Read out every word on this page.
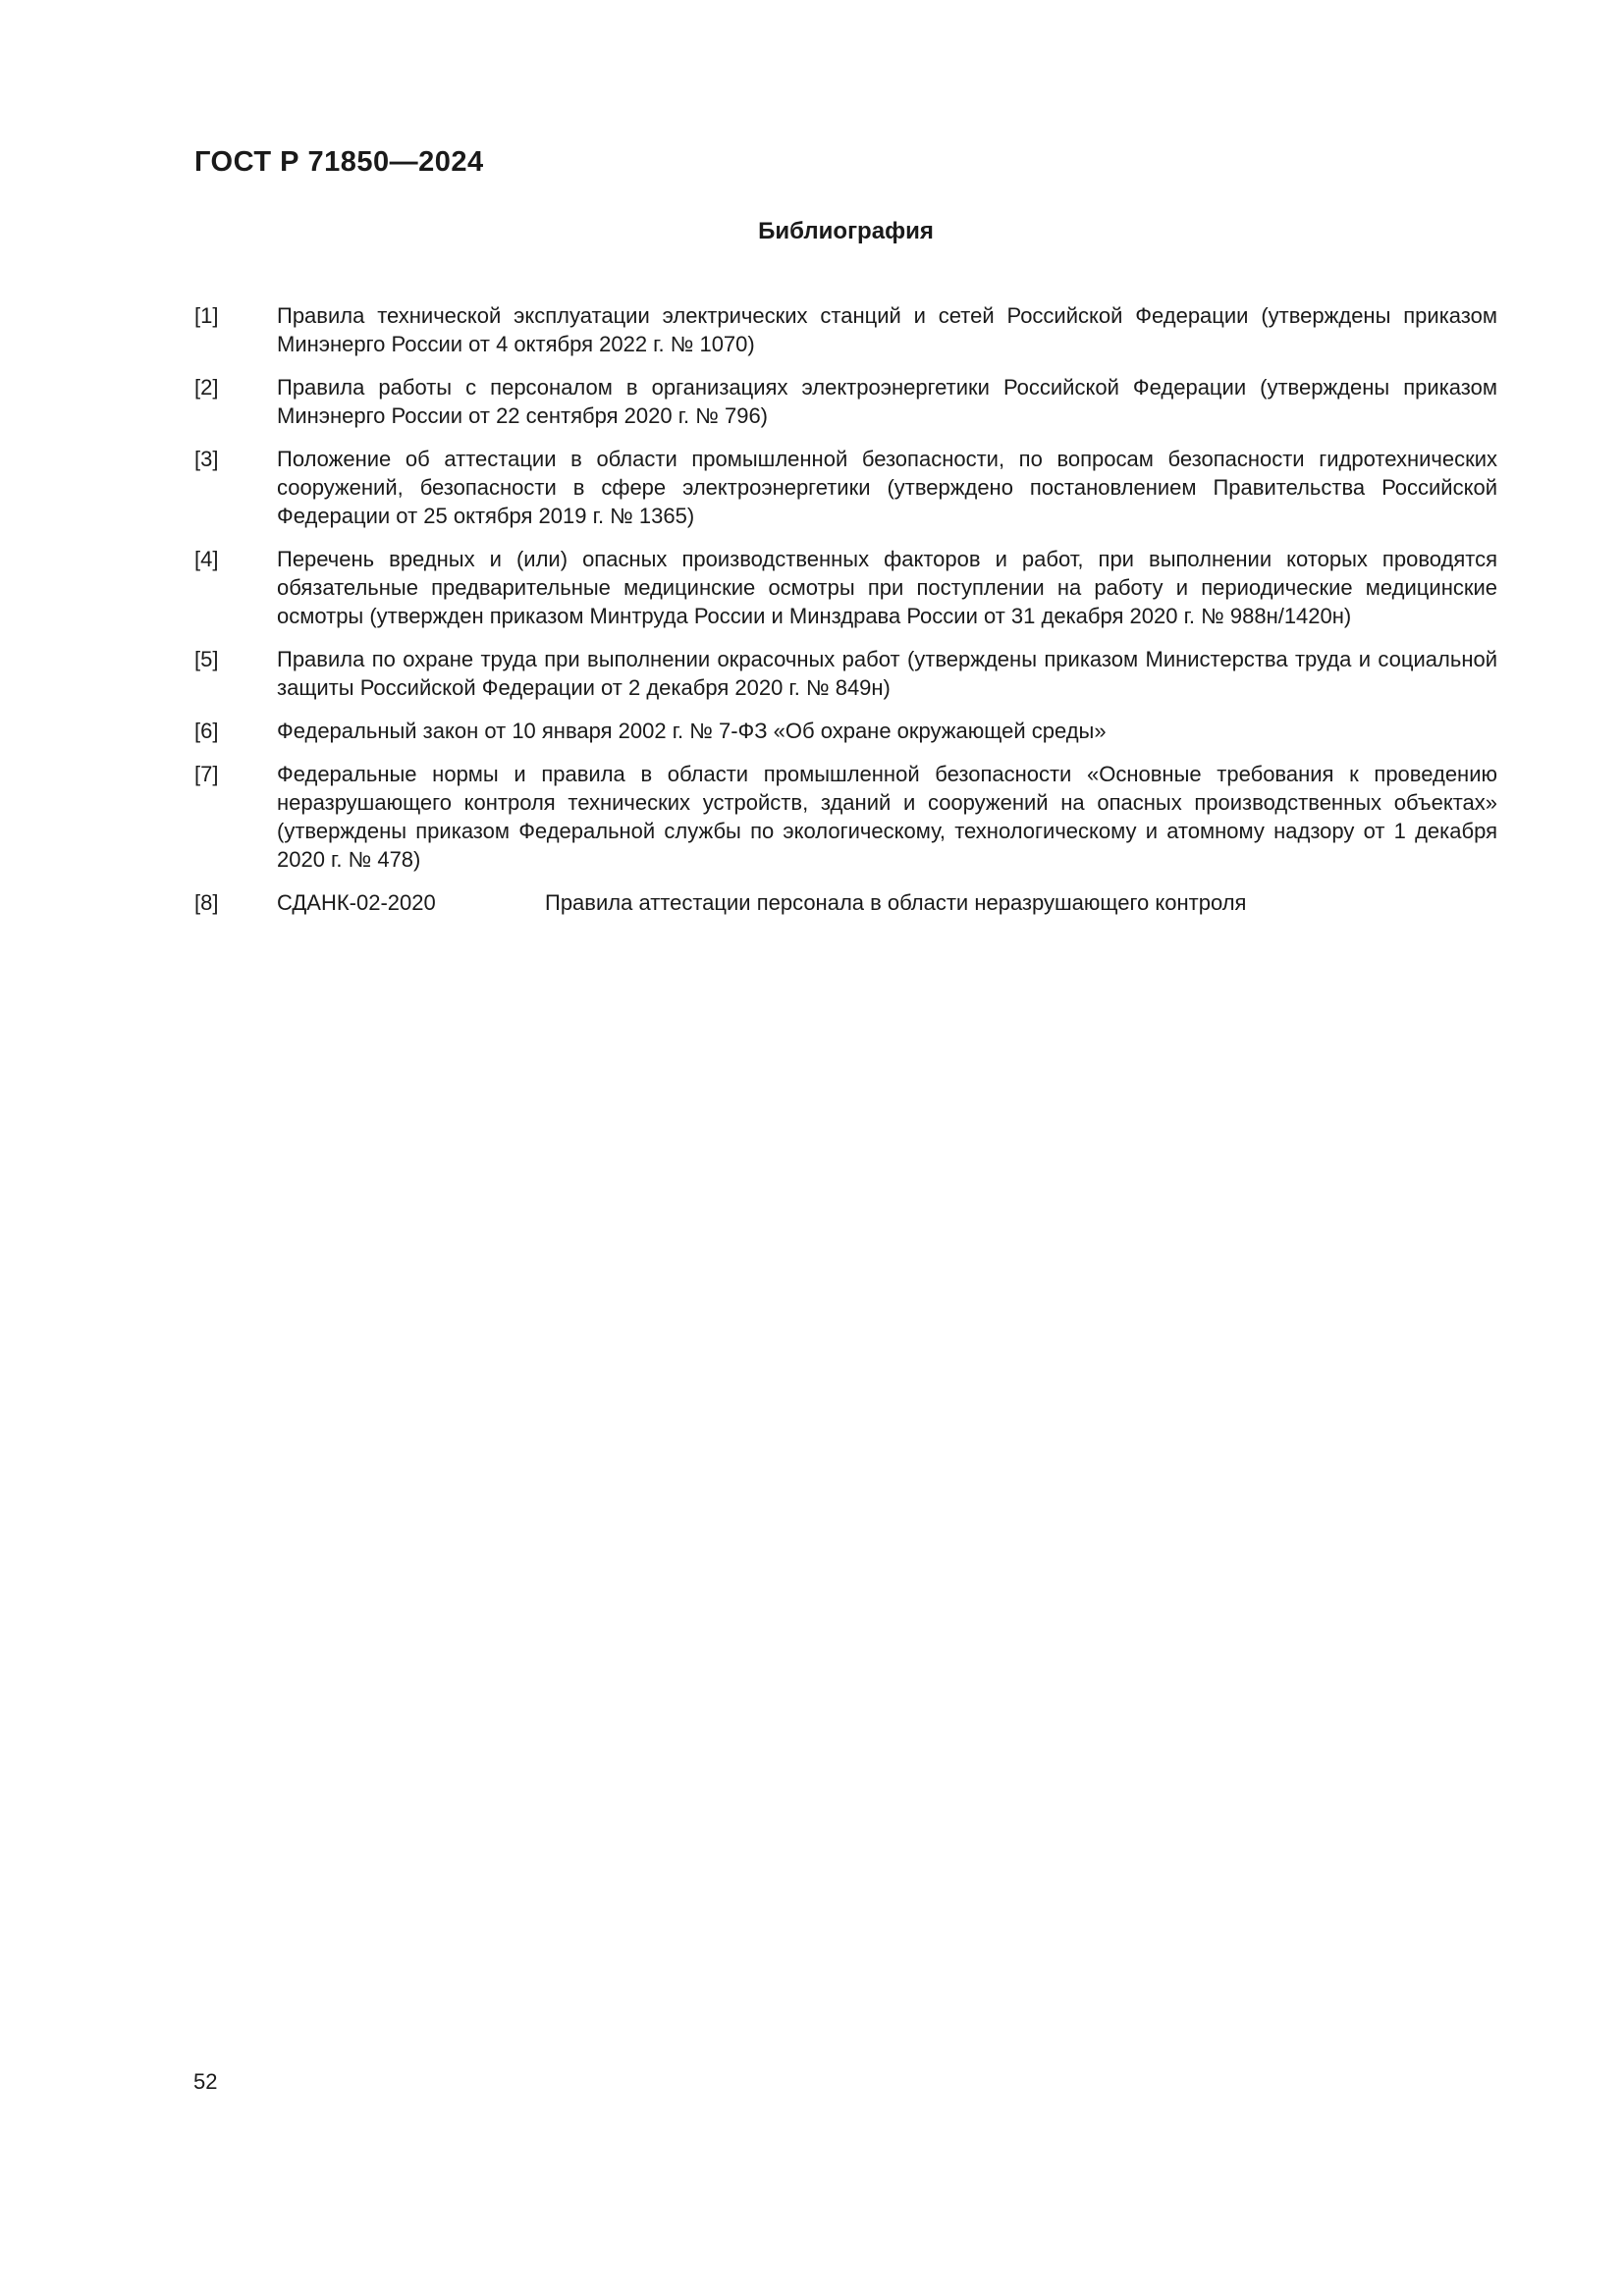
ГОСТ Р 71850—2024
Библиография
[1]	Правила технической эксплуатации электрических станций и сетей Российской Федерации (утверждены приказом Минэнерго России от 4 октября 2022 г. № 1070)
[2]	Правила работы с персоналом в организациях электроэнергетики Российской Федерации (утверждены приказом Минэнерго России от 22 сентября 2020 г. № 796)
[3]	Положение об аттестации в области промышленной безопасности, по вопросам безопасности гидротехнических сооружений, безопасности в сфере электроэнергетики (утверждено постановлением Правительства Российской Федерации от 25 октября 2019 г. № 1365)
[4]	Перечень вредных и (или) опасных производственных факторов и работ, при выполнении которых проводятся обязательные предварительные медицинские осмотры при поступлении на работу и периодические медицинские осмотры (утвержден приказом Минтруда России и Минздрава России от 31 декабря 2020 г. № 988н/1420н)
[5]	Правила по охране труда при выполнении окрасочных работ (утверждены приказом Министерства труда и социальной защиты Российской Федерации от 2 декабря 2020 г. № 849н)
[6]	Федеральный закон от 10 января 2002 г. № 7-ФЗ «Об охране окружающей среды»
[7]	Федеральные нормы и правила в области промышленной безопасности «Основные требования к проведению неразрушающего контроля технических устройств, зданий и сооружений на опасных производственных объектах» (утверждены приказом Федеральной службы по экологическому, технологическому и атомному надзору от 1 декабря 2020 г. № 478)
[8]	СДАНК-02-2020	Правила аттестации персонала в области неразрушающего контроля
52
